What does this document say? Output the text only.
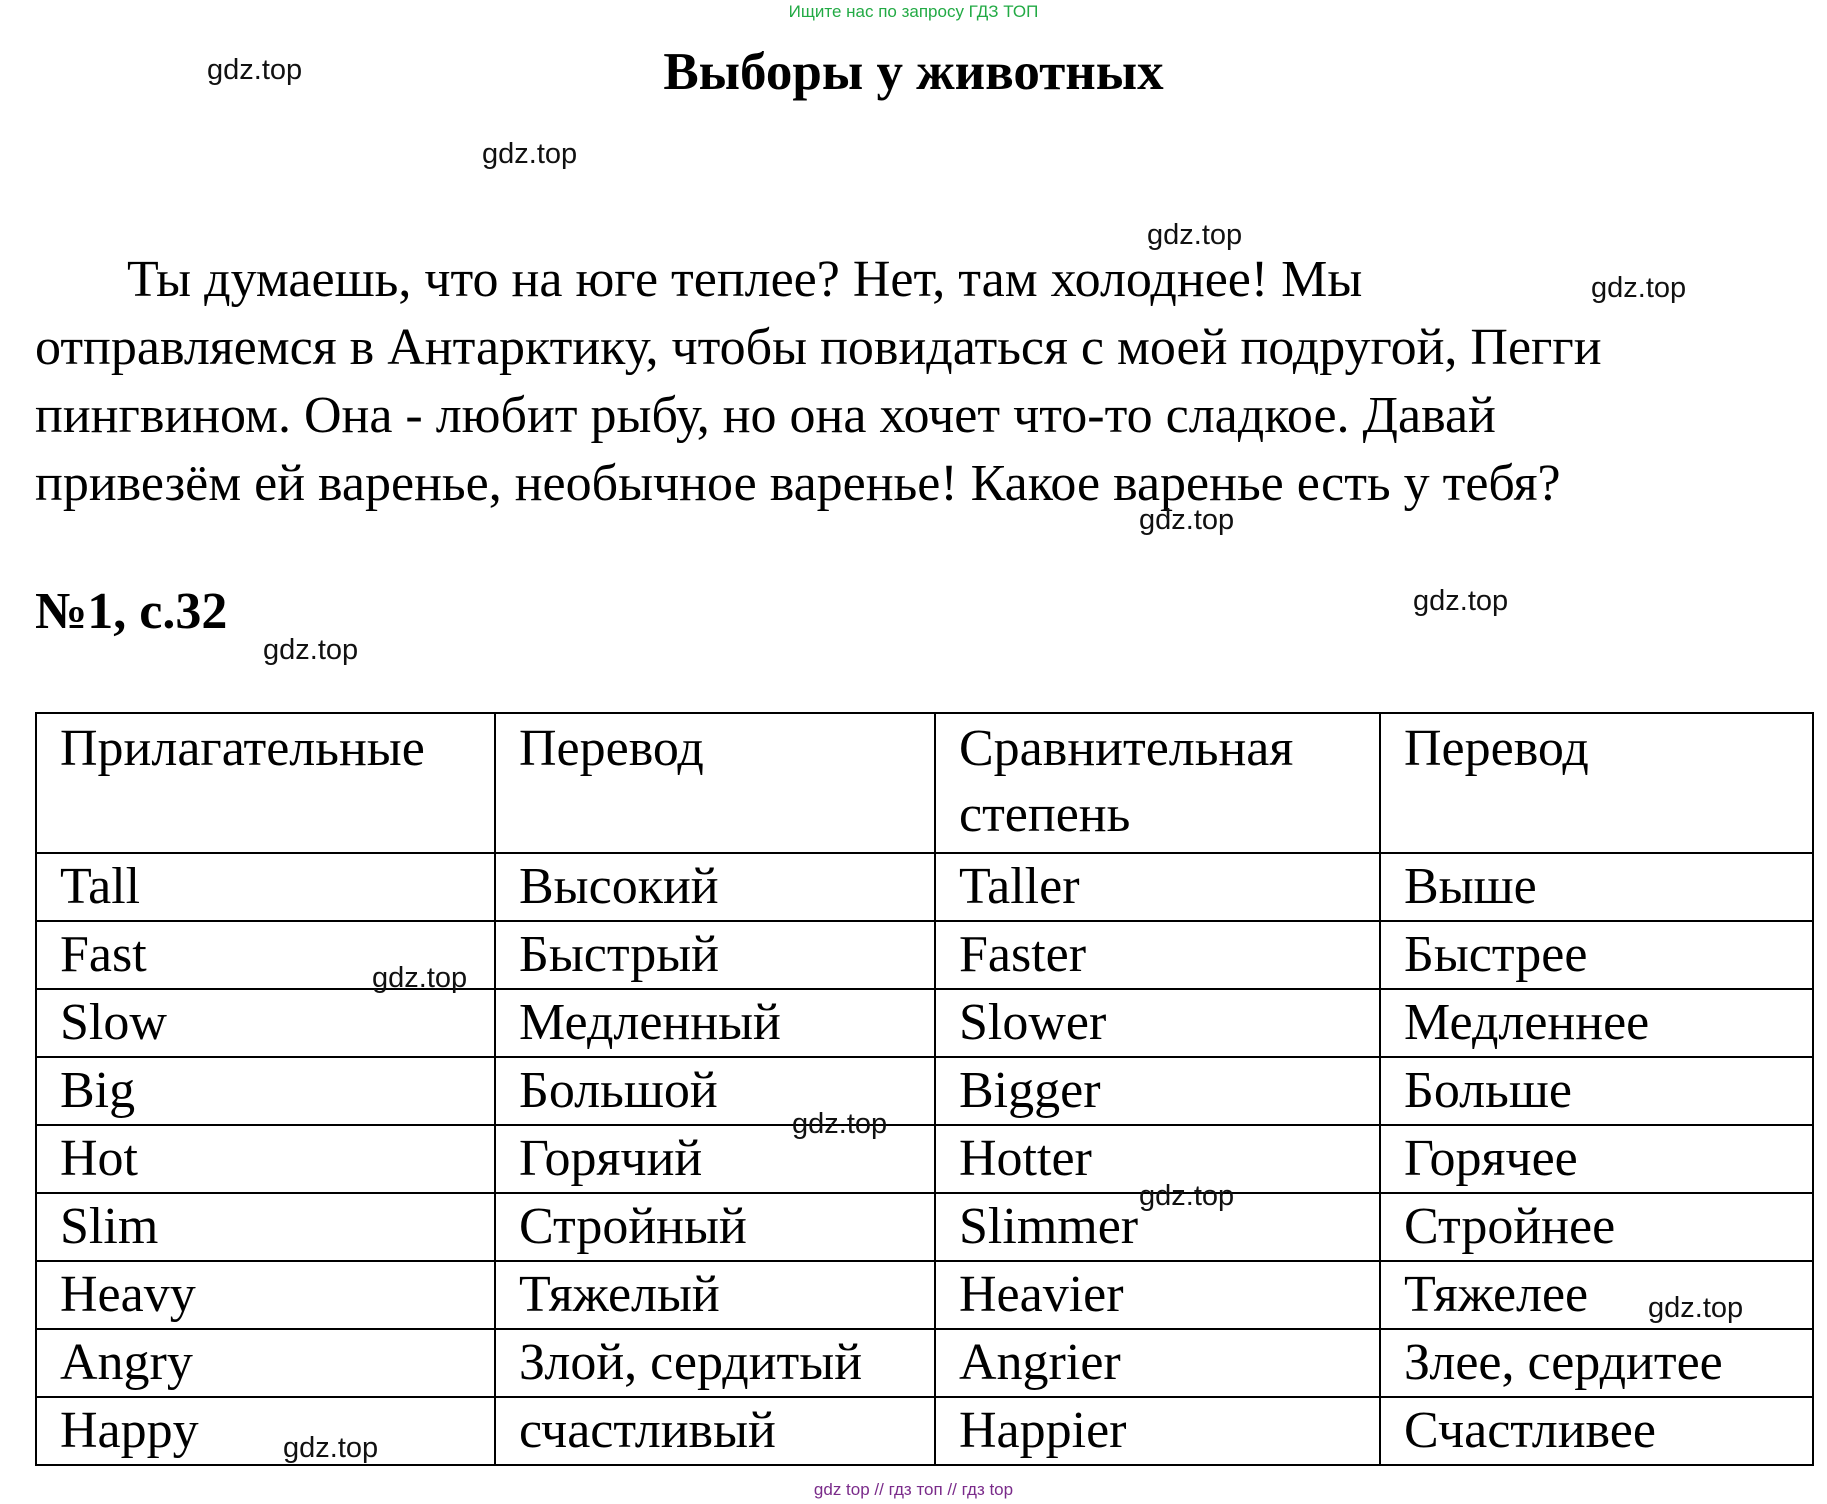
Ищите нас по запросу ГДЗ ТОП
Выборы у животных
Ты думаешь, что на юге теплее? Нет, там холоднее! Мы
отправляемся в Антарктику, чтобы повидаться с моей подругой, Пегги
пингвином. Она - любит рыбу, но она хочет что-то сладкое. Давай
привезём ей варенье, необычное варенье! Какое варенье есть у тебя?
№1, с.32
Прилагательные	Перевод	Сравнительная степень	Перевод
Tall	Высокий	Taller	Выше
Fast	Быстрый	Faster	Быстрее
Slow	Медленный	Slower	Медленнее
Big	Большой	Bigger	Больше
Hot	Горячий	Hotter	Горячее
Slim	Стройный	Slimmer	Стройнее
Heavy	Тяжелый	Heavier	Тяжелее
Angry	Злой, сердитый	Angrier	Злее, сердитее
Happy	счастливый	Happier	Счастливее
gdz.top
gdz.top
gdz.top
gdz.top
gdz.top
gdz.top
gdz.top
gdz.top
gdz.top
gdz.top
gdz.top
gdz.top
gdz top // гдз топ // гдз top
